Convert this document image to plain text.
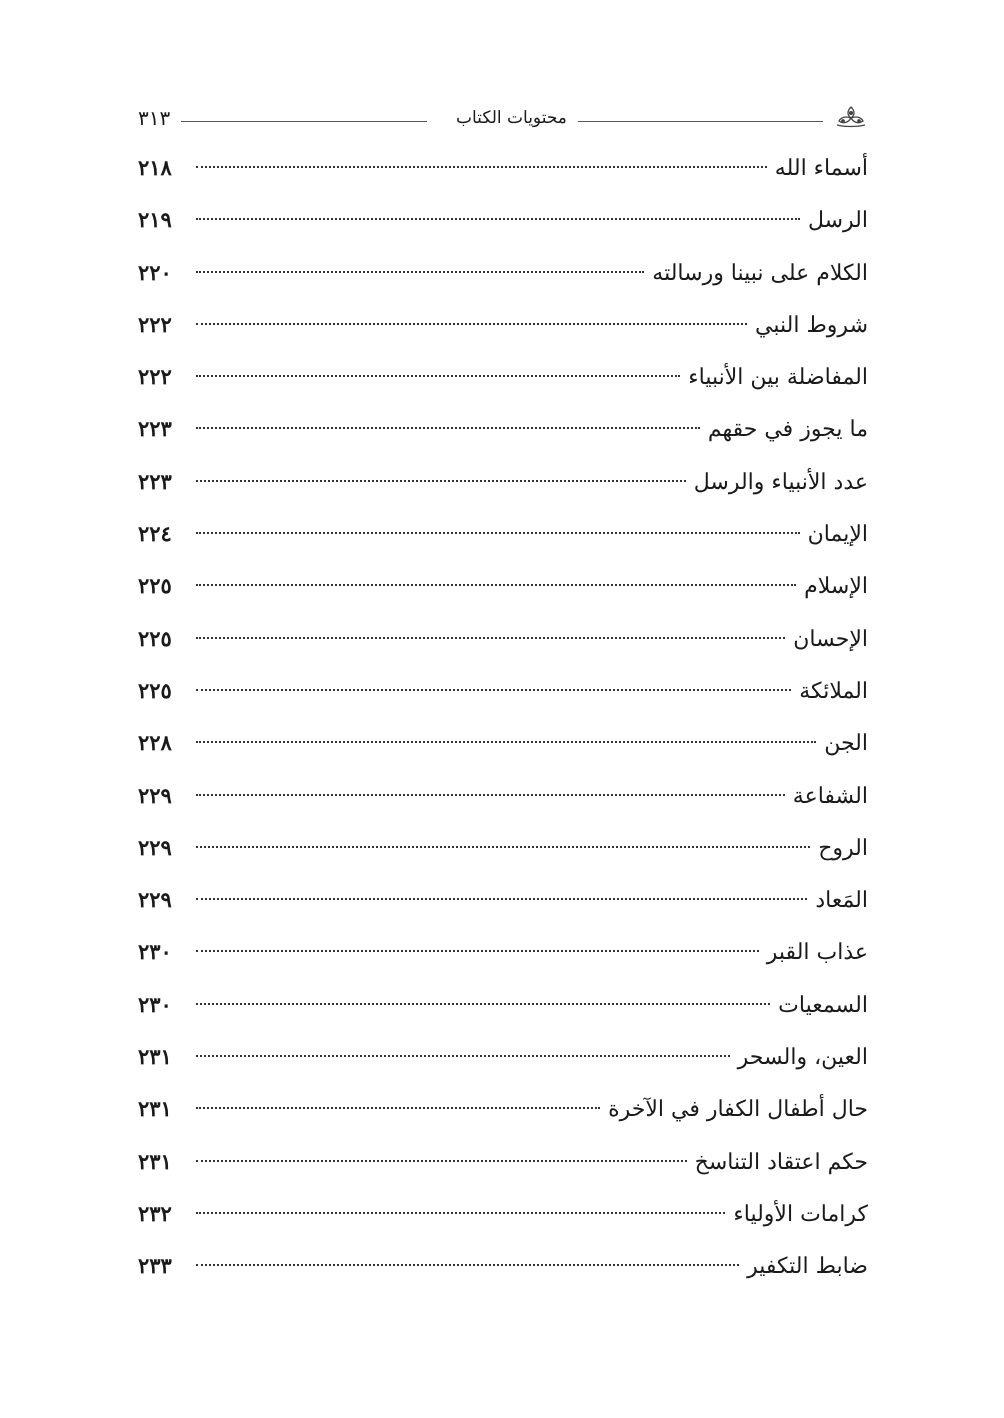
٣١٣	محتويات الكتاب
أسماء الله
٢١٨
الرسل
٢١٩
الكلام على نبينا ورسالته
٢٢٠
شروط النبي
٢٢٢
المفاضلة بين الأنبياء
٢٢٢
ما يجوز في حقهم
٢٢٣
عدد الأنبياء والرسل
٢٢٣
الإيمان
٢٢٤
الإسلام
٢٢٥
الإحسان
٢٢٥
الملائكة
٢٢٥
الجن
٢٢٨
الشفاعة
٢٢٩
الروح
٢٢٩
المَعاد
٢٢٩
عذاب القبر
٢٣٠
السمعيات
٢٣٠
العين، والسحر
٢٣١
حال أطفال الكفار في الآخرة
٢٣١
حكم اعتقاد التناسخ
٢٣١
كرامات الأولياء
٢٣٢
ضابط التكفير
٢٣٣
